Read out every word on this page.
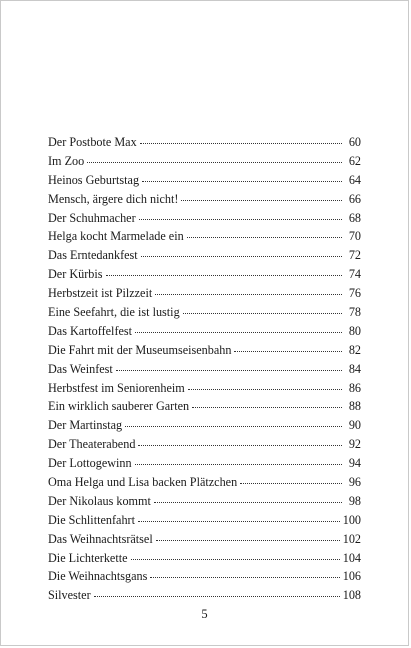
Der Postbote Max	60
Im Zoo	62
Heinos Geburtstag	64
Mensch, ärgere dich nicht!	66
Der Schuhmacher	68
Helga kocht Marmelade ein	70
Das Erntedankfest	72
Der Kürbis	74
Herbstzeit ist Pilzzeit	76
Eine Seefahrt, die ist lustig	78
Das Kartoffelfest	80
Die Fahrt mit der Museumseisenbahn	82
Das Weinfest	84
Herbstfest im Seniorenheim	86
Ein wirklich sauberer Garten	88
Der Martinstag	90
Der Theaterabend	92
Der Lottogewinn	94
Oma Helga und Lisa backen Plätzchen	96
Der Nikolaus kommt	98
Die Schlittenfahrt	100
Das Weihnachtsrätsel	102
Die Lichterkette	104
Die Weihnachtsgans	106
Silvester	108
5
